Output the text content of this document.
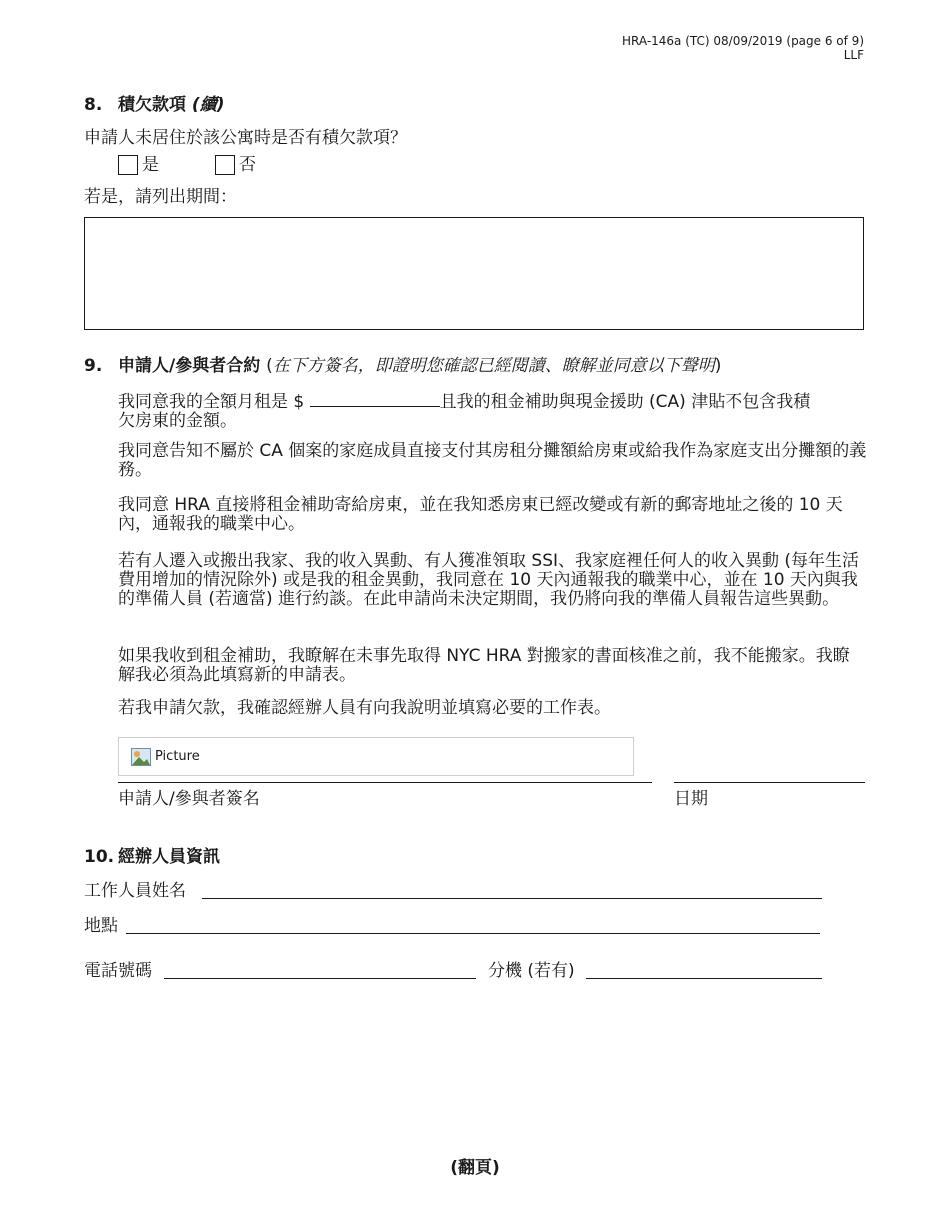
HRA-146a (TC) 08/09/2019 (page 6 of 9) LLF
8. 積欠款項 (續)
申請人未居住於該公寓時是否有積欠款項？
是	否
若是，請列出期間：
9. 申請人/參與者合約 (在下方簽名，即證明您確認已經閱讀、瞭解並同意以下聲明)
我同意我的全額月租是 $	且我的租金補助與現金援助 (CA) 津貼不包含我積
欠房東的金額。
我同意告知不屬於 CA 個案的家庭成員直接支付其房租分攤額給房東或給我作為家庭支出分攤額的義務。
我同意 HRA 直接將租金補助寄給房東，並在我知悉房東已經改變或有新的郵寄地址之後的 10 天內，通報我的職業中心。
若有人遷入或搬出我家、我的收入異動、有人獲准領取 SSI、我家庭裡任何人的收入異動 (每年生活費用增加的情況除外) 或是我的租金異動，我同意在 10 天內通報我的職業中心，並在 10 天內與我的準備人員 (若適當) 進行約談。在此申請尚未決定期間，我仍將向我的準備人員報告這些異動。
如果我收到租金補助，我瞭解在未事先取得 NYC HRA 對搬家的書面核准之前，我不能搬家。我瞭解我必須為此填寫新的申請表。
若我申請欠款，我確認經辦人員有向我說明並填寫必要的工作表。
Picture
申請人/參與者簽名	日期
10. 經辦人員資訊
工作人員姓名
地點
電話號碼	分機 (若有)
(翻頁)
